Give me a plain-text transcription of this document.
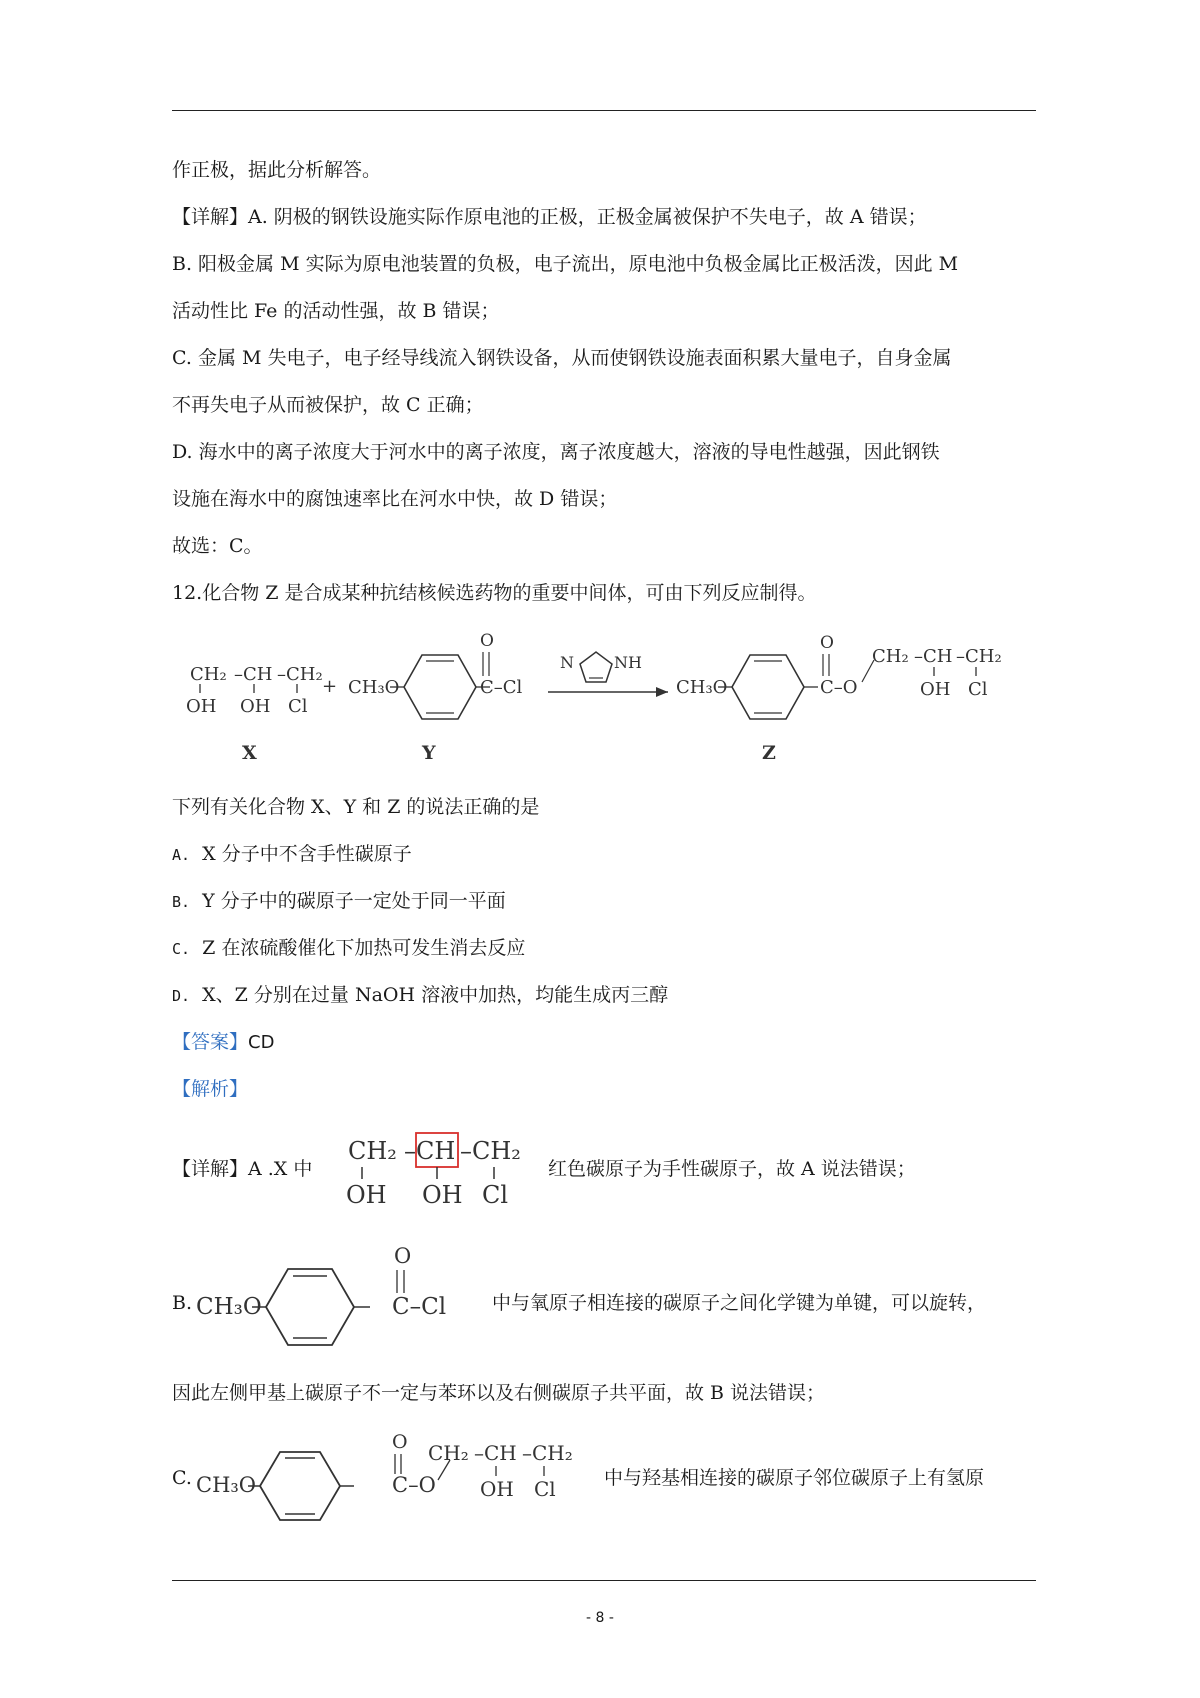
作正极，据此分析解答。
【详解】A. 阴极的钢铁设施实际作原电池的正极，正极金属被保护不失电子，故 A 错误；
B. 阳极金属 M 实际为原电池装置的负极，电子流出，原电池中负极金属比正极活泼，因此 M
活动性比 Fe 的活动性强，故 B 错误；
C. 金属 M 失电子，电子经导线流入钢铁设备，从而使钢铁设施表面积累大量电子，自身金属
不再失电子从而被保护，故 C 正确；
D. 海水中的离子浓度大于河水中的离子浓度，离子浓度越大，溶液的导电性越强，因此钢铁
设施在海水中的腐蚀速率比在河水中快，故 D 错误；
故选：C。
12.化合物 Z 是合成某种抗结核候选药物的重要中间体，可由下列反应制得。
CH₂ –CH –CH₂
OH OH Cl
X
+ CH₃O
O
C–Cl
Y
N	NH
CH₃O
O
C–O
CH₂ –CH –CH₂
OH Cl
Z
下列有关化合物 X、Y 和 Z 的说法正确的是
A. X 分子中不含手性碳原子
B. Y 分子中的碳原子一定处于同一平面
C. Z 在浓硫酸催化下加热可发生消去反应
D. X、Z 分别在过量 NaOH 溶液中加热，均能生成丙三醇
【答案】CD
【解析】
【详解】A .X 中
CH₂ –CH –CH₂
OH OH Cl
红色碳原子为手性碳原子，故 A 说法错误；
B. CH₃O
O
C–Cl 中与氧原子相连接的碳原子之间化学键为单键，可以旋转，
因此左侧甲基上碳原子不一定与苯环以及右侧碳原子共平面，故 B 说法错误；
C. CH₃O
O
C–O
CH₂ –CH –CH₂
OH Cl	中与羟基相连接的碳原子邻位碳原子上有氢原
- 8 -
